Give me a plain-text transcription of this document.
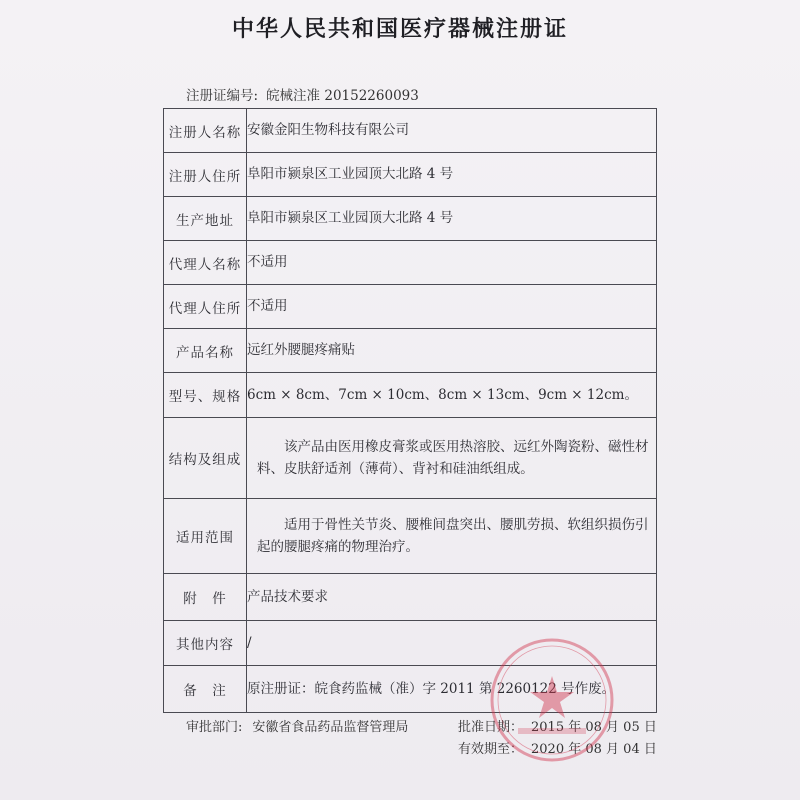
中华人民共和国医疗器械注册证
注册证编号: 皖械注准 20152260093
注册人名称	安徽金阳生物科技有限公司
注册人住所	阜阳市颍泉区工业园顶大北路 4 号
生产地址	阜阳市颍泉区工业园顶大北路 4 号
代理人名称	不适用
代理人住所	不适用
产品名称	远红外腰腿疼痛贴
型号、规格	6cm × 8cm、7cm × 10cm、8cm × 13cm、9cm × 12cm。
结构及组成	该产品由医用橡皮膏浆或医用热溶胶、远红外陶瓷粉、磁性材料、皮肤舒适剂（薄荷）、背衬和硅油纸组成。
适用范围	适用于骨性关节炎、腰椎间盘突出、腰肌劳损、软组织损伤引起的腰腿疼痛的物理治疗。
附　件	产品技术要求
其他内容	/
备　注	原注册证：皖食药监械（准）字 2011 第 2260122 号作废。
审批部门: 安徽省食品药品监督管理局	批准日期： 2015 年 08 月 05 日
有效期至： 2020 年 08 月 04 日
